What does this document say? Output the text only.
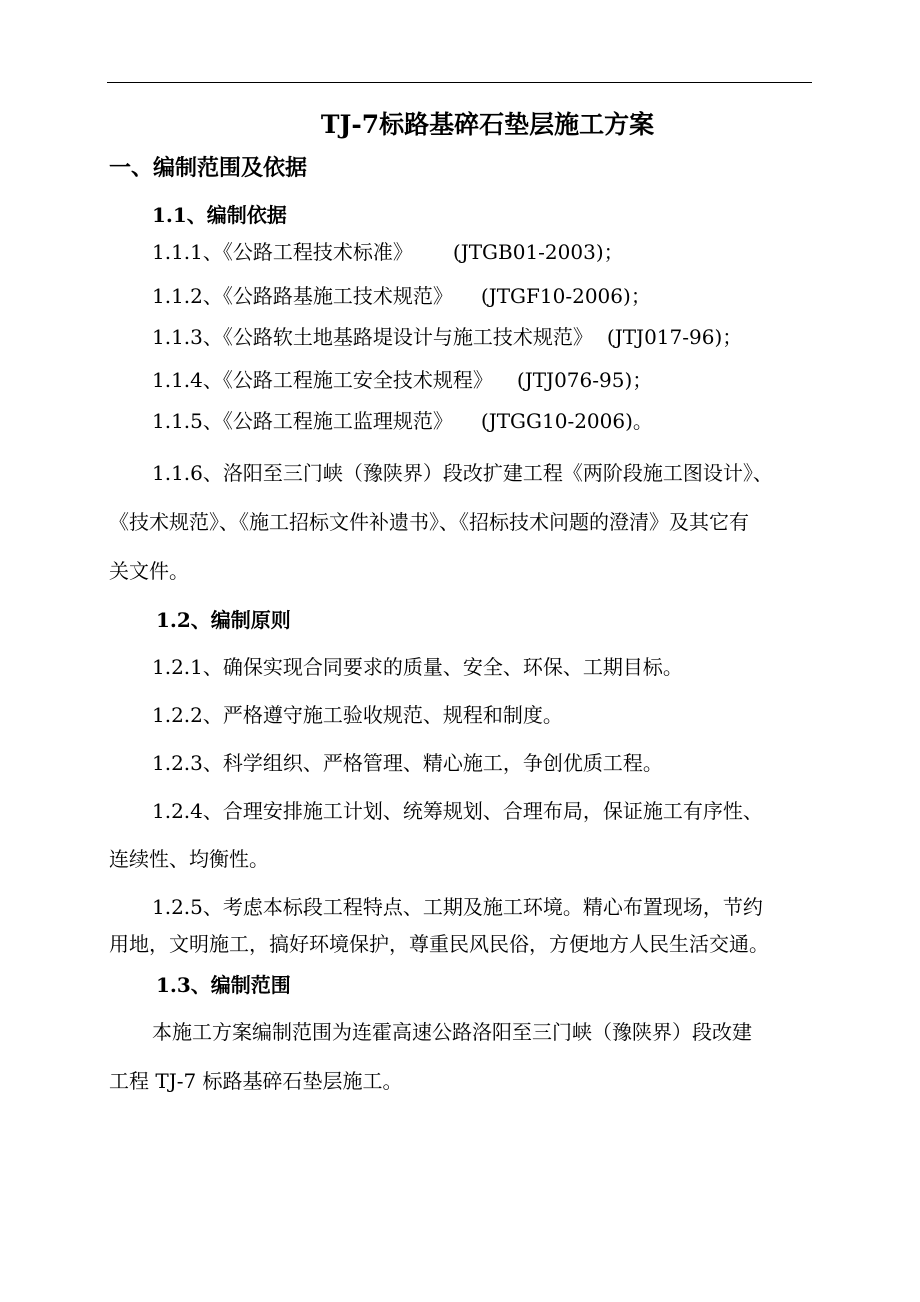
TJ-7标路基碎石垫层施工方案
一、编制范围及依据
1.1、编制依据
1.1.1、《公路工程技术标准》 (JTGB01-2003)；
1.1.2、《公路路基施工技术规范》 (JTGF10-2006)；
1.1.3、《公路软土地基路堤设计与施工技术规范》 (JTJ017-96)；
1.1.4、《公路工程施工安全技术规程》 (JTJ076-95)；
1.1.5、《公路工程施工监理规范》 (JTGG10-2006)。
1.1.6、洛阳至三门峡（豫陕界）段改扩建工程《两阶段施工图设计》、
《技术规范》、《施工招标文件补遗书》、《招标技术问题的澄清》及其它有
关文件。
1.2、编制原则
1.2.1、确保实现合同要求的质量、安全、环保、工期目标。
1.2.2、严格遵守施工验收规范、规程和制度。
1.2.3、科学组织、严格管理、精心施工，争创优质工程。
1.2.4、合理安排施工计划、统筹规划、合理布局，保证施工有序性、
连续性、均衡性。
1.2.5、考虑本标段工程特点、工期及施工环境。精心布置现场，节约
用地，文明施工，搞好环境保护，尊重民风民俗，方便地方人民生活交通。
1.3、编制范围
本施工方案编制范围为连霍高速公路洛阳至三门峡（豫陕界）段改建
工程 TJ-7 标路基碎石垫层施工。
